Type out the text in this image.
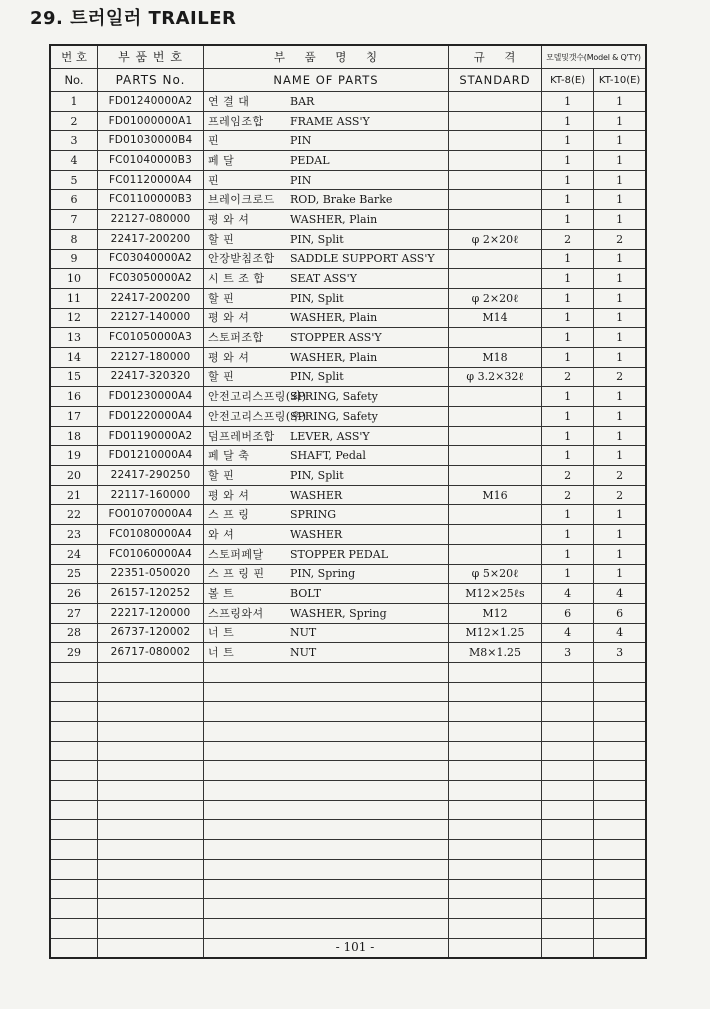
29. 트러일러 TRAILER
번 호	부 품 번 호	부    품    명    칭	규    격	모델및갯수(Model & Q'TY)	
No.	PARTS No.	NAME OF PARTS	STANDARD	KT-8(E)	KT-10(E)
1	FD01240000A2	연 결 대 BAR		1	1
2	FD01000000A1	프레임조합 FRAME ASS'Y		1	1
3	FD01030000B4	핀 PIN		1	1
4	FC01040000B3	페 달 PEDAL		1	1
5	FC01120000A4	핀 PIN		1	1
6	FC01100000B3	브레이크로드 ROD, Brake Barke		1	1
7	22127-080000	평 와 셔 WASHER, Plain		1	1
8	22417-200200	할 핀 PIN, Split	φ 2×20ℓ	2	2
9	FC03040000A2	안장받침조합 SADDLE SUPPORT ASS'Y		1	1
10	FC03050000A2	시 트 조 합 SEAT ASS'Y		1	1
11	22417-200200	할 핀 PIN, Split	φ 2×20ℓ	1	1
12	22127-140000	평 와 셔 WASHER, Plain	M14	1	1
13	FC01050000A3	스토퍼조합 STOPPER ASS'Y		1	1
14	22127-180000	평 와 셔 WASHER, Plain	M18	1	1
15	22417-320320	할 핀 PIN, Split	φ 3.2×32ℓ	2	2
16	FD01230000A4	안전고리스프링(좌)SPRING, Safety		1	1
17	FD01220000A4	안전고리스프링(우)SPRING, Safety		1	1
18	FD01190000A2	덤프레버조합 LEVER, ASS'Y		1	1
19	FD01210000A4	페 달 축 SHAFT, Pedal		1	1
20	22417-290250	할 핀 PIN, Split		2	2
21	22117-160000	평 와 셔 WASHER	M16	2	2
22	FO01070000A4	스 프 링 SPRING		1	1
23	FC01080000A4	와 셔 WASHER		1	1
24	FC01060000A4	스토퍼페달 STOPPER PEDAL		1	1
25	22351-050020	스 프 링 핀 PIN, Spring	φ 5×20ℓ	1	1
26	26157-120252	볼 트 BOLT	M12×25ℓs	4	4
27	22217-120000	스프링와셔 WASHER, Spring	M12	6	6
28	26737-120002	너 트 NUT	M12×1.25	4	4
29	26717-080002	너 트 NUT	M8×1.25	3	3

- 101 -
